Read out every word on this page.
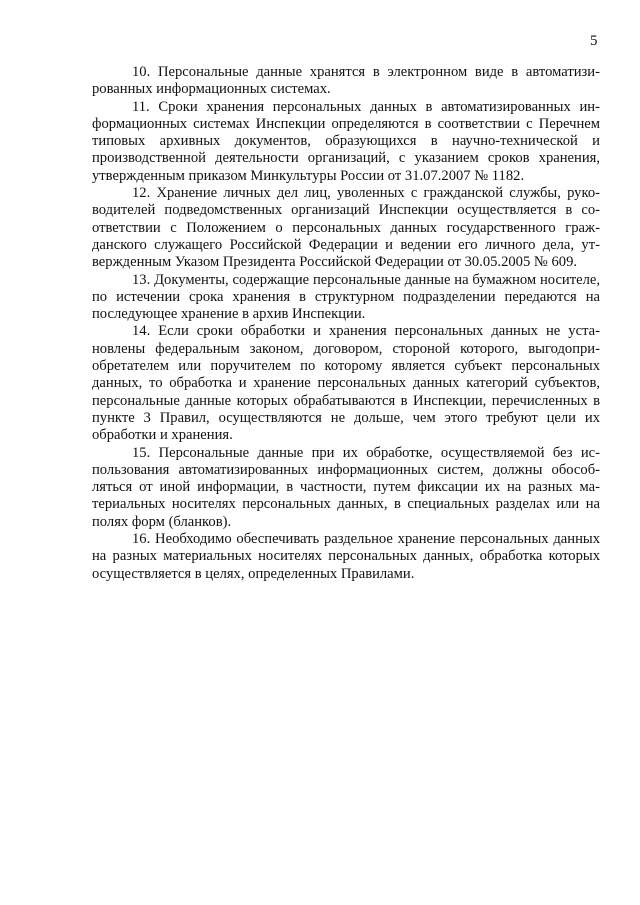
5

10. Персональные данные хранятся в электронном виде в автоматизированных информационных системах.

11. Сроки хранения персональных данных в автоматизированных информационных системах Инспекции определяются в соответствии с Перечнем типовых архивных документов, образующихся в научно-технической и производственной деятельности организаций, с указанием сроков хранения, утвержденным приказом Минкультуры России от 31.07.2007 № 1182.

12. Хранение личных дел лиц, уволенных с гражданской службы, руководителей подведомственных организаций Инспекции осуществляется в соответствии с Положением о персональных данных государственного гражданского служащего Российской Федерации и ведении его личного дела, утвержденным Указом Президента Российской Федерации от 30.05.2005 № 609.

13. Документы, содержащие персональные данные на бумажном носителе, по истечении срока хранения в структурном подразделении передаются на последующее хранение в архив Инспекции.

14. Если сроки обработки и хранения персональных данных не установлены федеральным законом, договором, стороной которого, выгодоприобретателем или поручителем по которому является субъект персональных данных, то обработка и хранение персональных данных категорий субъектов, персональные данные которых обрабатываются в Инспекции, перечисленных в пункте 3 Правил, осуществляются не дольше, чем этого требуют цели их обработки и хранения.

15. Персональные данные при их обработке, осуществляемой без использования автоматизированных информационных систем, должны обособляться от иной информации, в частности, путем фиксации их на разных материальных носителях персональных данных, в специальных разделах или на полях форм (бланков).

16. Необходимо обеспечивать раздельное хранение персональных данных на разных материальных носителях персональных данных, обработка которых осуществляется в целях, определенных Правилами.
